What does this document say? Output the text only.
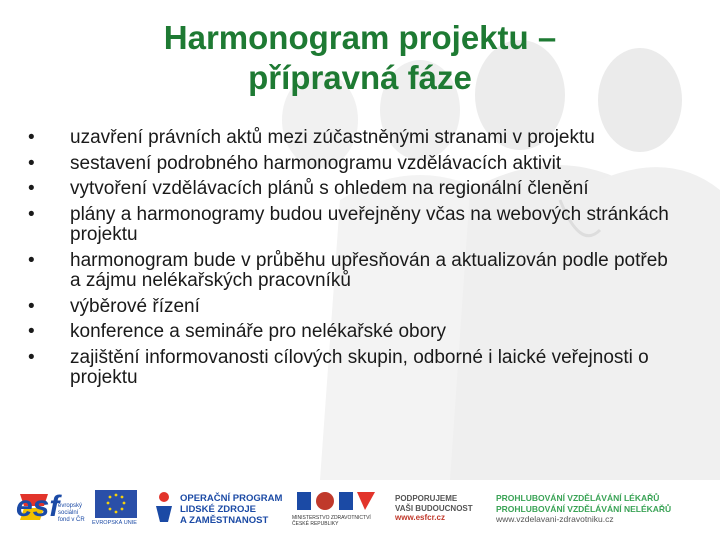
Harmonogram projektu –
přípravná fáze
• uzavření právních aktů mezi zúčastněnými stranami v projektu
• sestavení podrobného harmonogramu vzdělávacích aktivit
• vytvoření vzdělávacích plánů s ohledem na regionální členění
• plány a harmonogramy budou uveřejněny včas na webových stránkách projektu
• harmonogram bude v průběhu upřesňován a aktualizován podle potřeb a zájmu nelékařských pracovníků
• výběrové řízení
• konference a semináře pro nelékařské obory
• zajištění informovanosti cílových skupin, odborné i laické veřejnosti o projektu
esf
evropský
sociální
fond v ČR EVROPSKÁ UNIE
OPERAČNÍ PROGRAM
LIDSKÉ ZDROJE
A ZAMĚSTNANOST	MINISTERSTVO ZDRAVOTNICTVÍ
ČESKÉ REPUBLIKY
PODPORUJEME
VAŠI BUDOUCNOST
www.esfcr.cz
PROHLUBOVÁNÍ VZDĚLÁVÁNÍ LÉKAŘŮ
PROHLUBOVÁNÍ VZDĚLÁVÁNÍ NELÉKAŘŮ
www.vzdelavani-zdravotniku.cz
